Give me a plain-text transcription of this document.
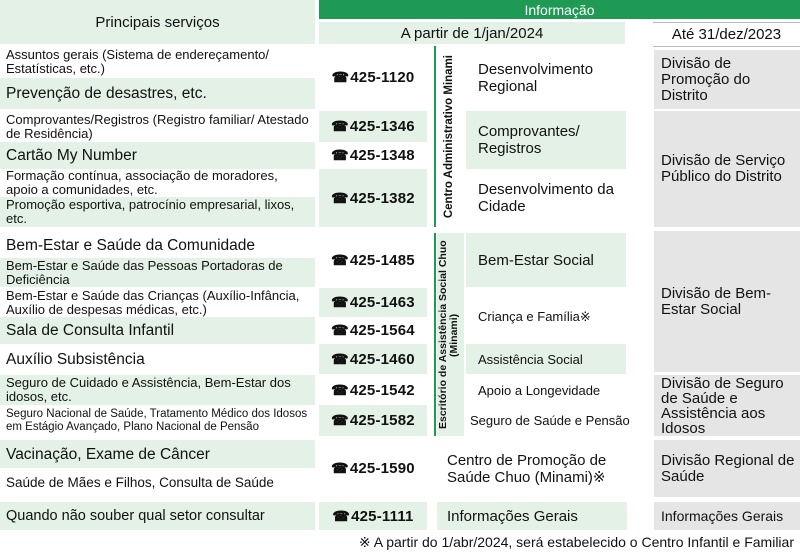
Principais serviços
Informação
A partir de 1/jan/2024	Até 31/dez/2023
Assuntos gerais (Sistema de endereçamento/ Estatísticas, etc.)
Prevenção de desastres, etc.
Comprovantes/Registros (Registro familiar/ Atestado de Residência)
Cartão My Number
Formação contínua, associação de moradores, apoio a comunidades, etc.
Promoção esportiva, patrocínio empresarial, lixos, etc.
Bem-Estar e Saúde da Comunidade
Bem-Estar e Saúde das Pessoas Portadoras de Deficiência
Bem-Estar e Saúde das Crianças (Auxílio-Infância, Auxílio de despesas médicas, etc.)
Sala de Consulta Infantil
Auxílio Subsistência
Seguro de Cuidado e Assistência, Bem-Estar dos idosos, etc.
Seguro Nacional de Saúde, Tratamento Médico dos Idosos em Estágio Avançado, Plano Nacional de Pensão
Vacinação, Exame de Câncer
Saúde de Mães e Filhos, Consulta de Saúde
Quando não souber qual setor consultar
☎ 425-1120
☎ 425-1346
☎ 425-1348
☎ 425-1382
☎ 425-1485
☎ 425-1463
☎ 425-1564
☎ 425-1460
☎ 425-1542
☎ 425-1582
☎ 425-1590
☎ 425-1111
Centro Administrativo Minami
Escritório de Assistência Social Chuo (Minami)
Desenvolvimento Regional
Comprovantes/ Registros
Desenvolvimento da Cidade
Bem-Estar Social
Criança e Família※
Assistência Social
Apoio a Longevidade
Seguro de Saúde e Pensão
Centro de Promoção de Saúde Chuo (Minami)※
Informações Gerais
Divisão de Promoção do Distrito
Divisão de Serviço Público do Distrito
Divisão de Bem-Estar Social
Divisão de Seguro de Saúde e Assistência aos Idosos
Divisão Regional de Saúde
Informações Gerais
※ A partir do 1/abr/2024, será estabelecido o Centro Infantil e Familiar
